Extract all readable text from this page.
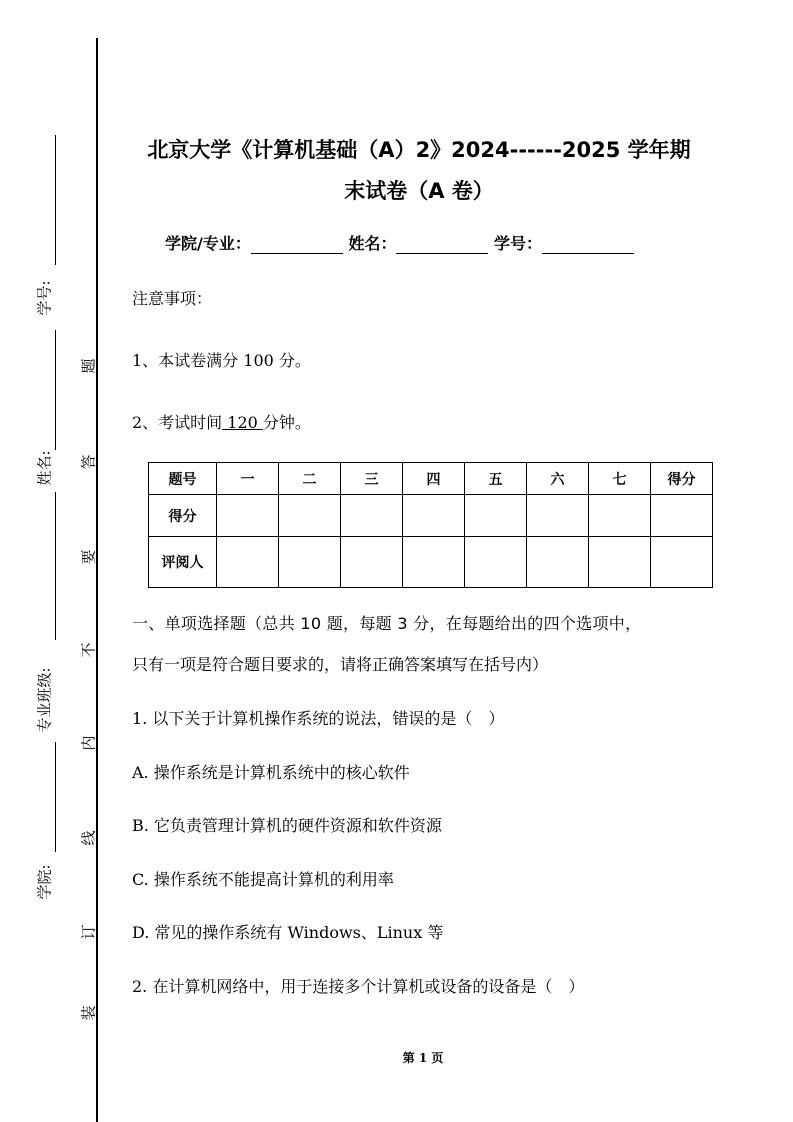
学号:
姓名:
专业班级:
学院:
题
答
要
不
内
线
订
装
北京大学《计算机基础（A）2》2024------2025 学年期
末试卷（A 卷）
学院/专业：	姓名：	学号：
注意事项：
1、本试卷满分 100 分。
2、考试时间 120 分钟。
题号	一	二	三	四	五	六	七	得分
得分								
评阅人								
一、单项选择题（总共 10 题，每题 3 分，在每题给出的四个选项中，
只有一项是符合题目要求的，请将正确答案填写在括号内）
1. 以下关于计算机操作系统的说法，错误的是（　）
A. 操作系统是计算机系统中的核心软件
B. 它负责管理计算机的硬件资源和软件资源
C. 操作系统不能提高计算机的利用率
D. 常见的操作系统有 Windows、Linux 等
2. 在计算机网络中，用于连接多个计算机或设备的设备是（　）
第 1 页
